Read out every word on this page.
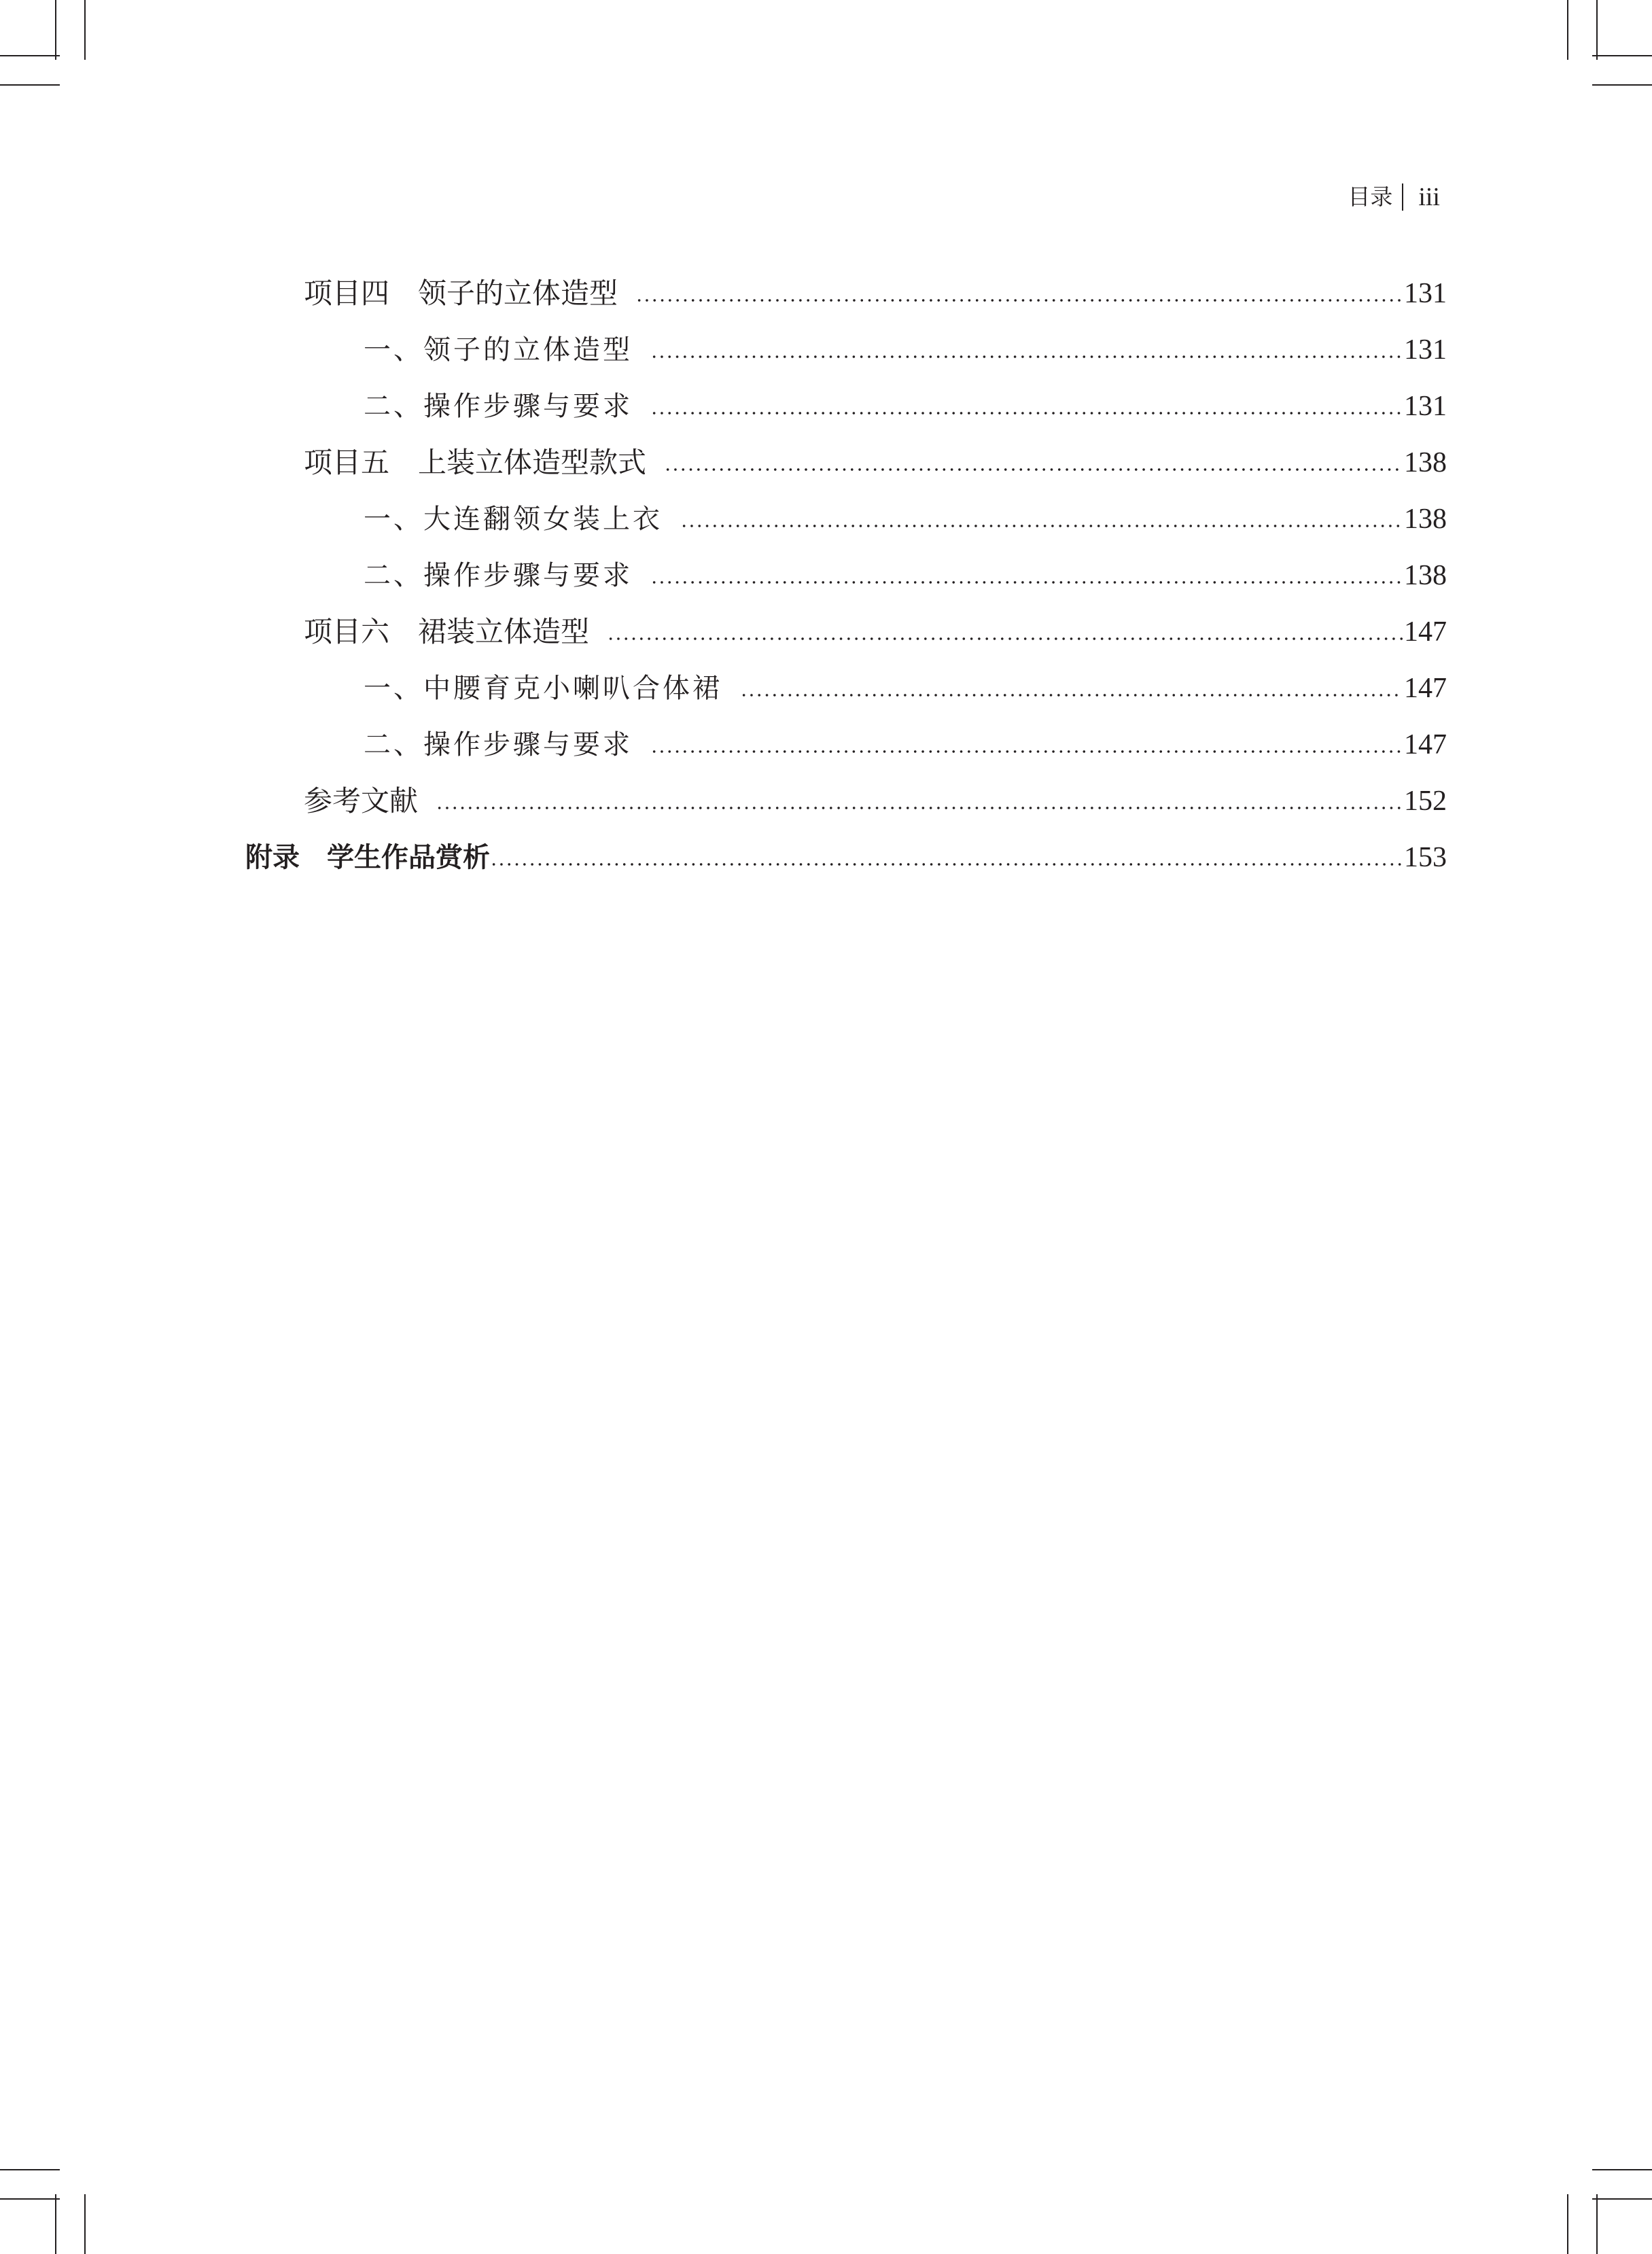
目录 iii
项目四　领子的立体造型	131
一、领子的立体造型	131
二、操作步骤与要求	131
项目五　上装立体造型款式	138
一、大连翻领女装上衣	138
二、操作步骤与要求	138
项目六　裙装立体造型	147
一、中腰育克小喇叭合体裙	147
二、操作步骤与要求	147
参考文献	152
附录　学生作品赏析	153
